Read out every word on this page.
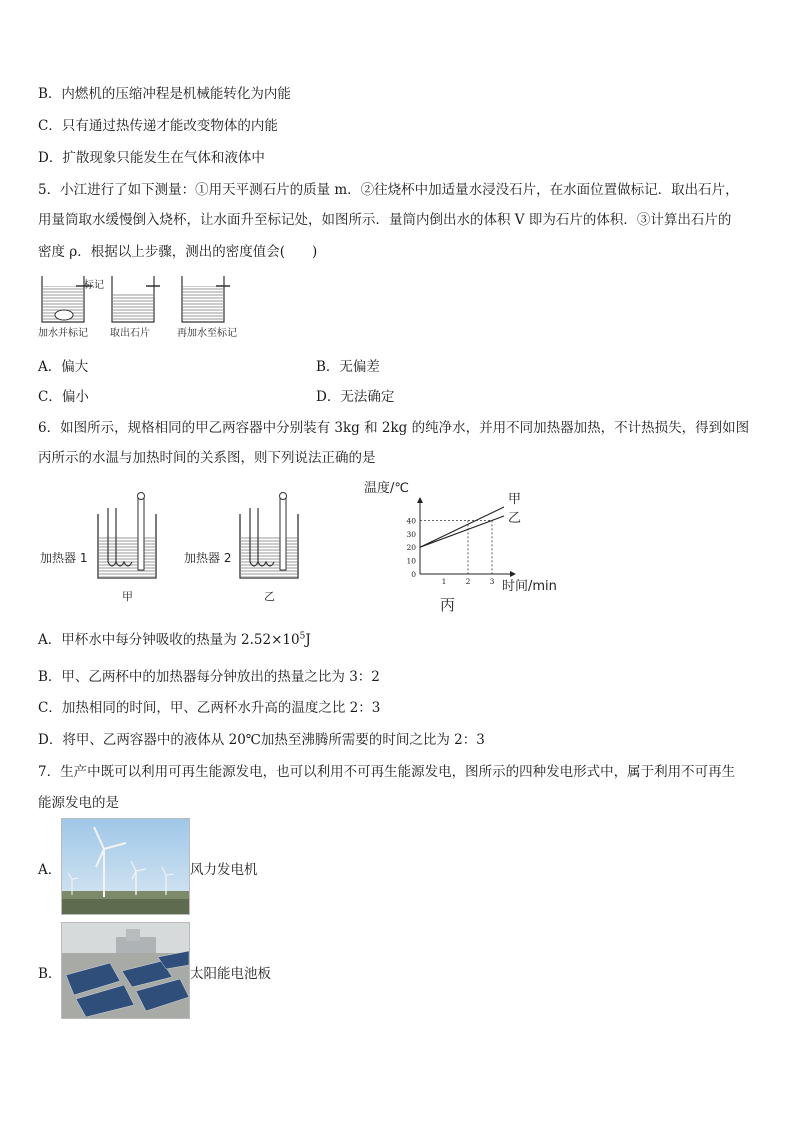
B．内燃机的压缩冲程是机械能转化为内能
C．只有通过热传递才能改变物体的内能
D．扩散现象只能发生在气体和液体中
5．小江进行了如下测量：①用天平测石片的质量 m．②往烧杯中加适量水浸没石片，在水面位置做标记．取出石片，
用量筒取水缓慢倒入烧杯，让水面升至标记处，如图所示．量筒内倒出水的体积 V 即为石片的体积．③计算出石片的
密度 ρ．根据以上步骤，测出的密度值会(　　)
标记
加水并标记 取出石片	再加水至标记
A．偏大	B．无偏差
C．偏小	D．无法确定
6．如图所示，规格相同的甲乙两容器中分别装有 3kg 和 2kg 的纯净水，并用不同加热器加热，不计热损失，得到如图
丙所示的水温与加热时间的关系图，则下列说法正确的是
加热器 1
甲
加热器 2
乙
温度/℃
时间/min
丙
0
10
20
30
40
1	2	3
甲
乙
A．甲杯水中每分钟吸收的热量为 $2.52\times 10^5J$
B．甲、乙两杯中的加热器每分钟放出的热量之比为 3：2
C．加热相同的时间，甲、乙两杯水升高的温度之比 2：3
D．将甲、乙两容器中的液体从 20℃加热至沸腾所需要的时间之比为 2：3
7．生产中既可以利用可再生能源发电，也可以利用不可再生能源发电，图所示的四种发电形式中，属于利用不可再生
能源发电的是
A．	风力发电机
B．	太阳能电池板
